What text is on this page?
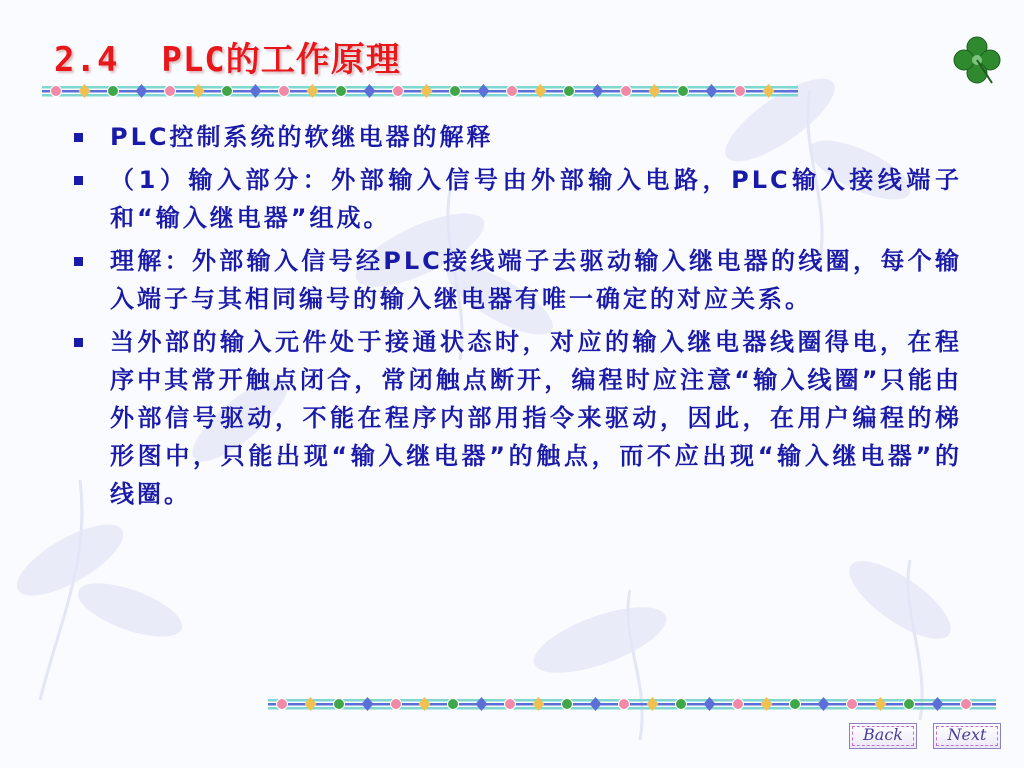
2.4  PLC的工作原理
PLC控制系统的软继电器的解释
（1）输入部分：外部输入信号由外部输入电路，PLC输入接线端子和“输入继电器”组成。
理解：外部输入信号经PLC接线端子去驱动输入继电器的线圈，每个输入端子与其相同编号的输入继电器有唯一确定的对应关系。
当外部的输入元件处于接通状态时，对应的输入继电器线圈得电，在程序中其常开触点闭合，常闭触点断开，编程时应注意“输入线圈”只能由外部信号驱动，不能在程序内部用指令来驱动，因此，在用户编程的梯形图中，只能出现“输入继电器”的触点，而不应出现“输入继电器”的线圈。
Back	Next
